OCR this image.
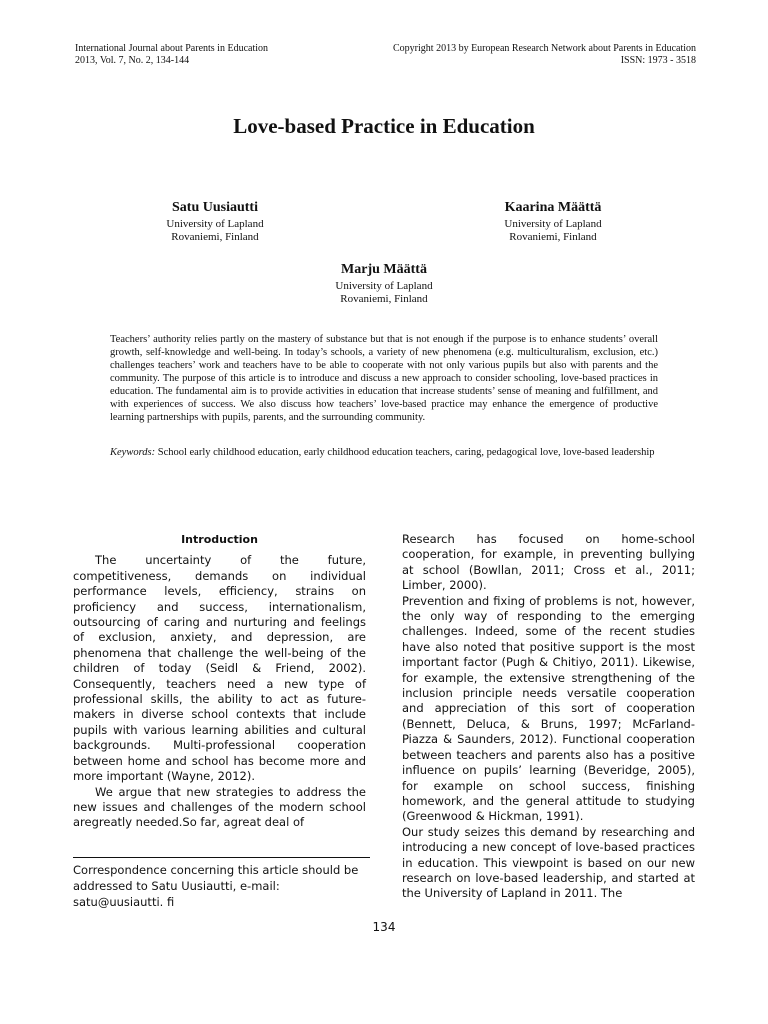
International Journal about Parents in Education
2013, Vol. 7, No. 2, 134-144
Copyright 2013 by European Research Network about Parents in Education
ISSN: 1973 - 3518
Love-based Practice in Education
Satu Uusiautti
University of Lapland
Rovaniemi, Finland
Kaarina Määttä
University of Lapland
Rovaniemi, Finland
Marju Määttä
University of Lapland
Rovaniemi, Finland
Teachers’ authority relies partly on the mastery of substance but that is not enough if the purpose is to enhance students’ overall growth, self-knowledge and well-being. In today’s schools, a variety of new phenomena (e.g. multiculturalism, exclusion, etc.) challenges teachers’ work and teachers have to be able to cooperate with not only various pupils but also with parents and the community. The purpose of this article is to introduce and discuss a new approach to consider schooling, love-based practices in education. The fundamental aim is to provide activities in education that increase students’ sense of meaning and fulfillment, and with experiences of success. We also discuss how teachers’ love-based practice may enhance the emergence of productive learning partnerships with pupils, parents, and the surrounding community.
Keywords: School early childhood education, early childhood education teachers, caring, pedagogical love, love-based leadership

Introduction

The uncertainty of the future, competitiveness, demands on individual performance levels, efficiency, strains on proficiency and success, internationalism, outsourcing of caring and nurturing and feelings of exclusion, anxiety, and depression, are phenomena that challenge the well-being of the children of today (Seidl & Friend, 2002). Consequently, teachers need a new type of professional skills, the ability to act as future-makers in diverse school contexts that include pupils with various learning abilities and cultural backgrounds. Multi-professional cooperation between home and school has become more and more important (Wayne, 2012).

We argue that new strategies to address the new issues and challenges of the modern school aregreatly needed.So far, agreat deal of

Research has focused on home-school cooperation, for example, in preventing bullying at school (Bowllan, 2011; Cross et al., 2011; Limber, 2000).

Prevention and fixing of problems is not, however, the only way of responding to the emerging challenges. Indeed, some of the recent studies have also noted that positive support is the most important factor (Pugh & Chitiyo, 2011). Likewise, for example, the extensive strengthening of the inclusion principle needs versatile cooperation and appreciation of this sort of cooperation (Bennett, Deluca, & Bruns, 1997; McFarland-Piazza & Saunders, 2012). Functional cooperation between teachers and parents also has a positive influence on pupils’ learning (Beveridge, 2005), for example on school success, finishing homework, and the general attitude to studying (Greenwood & Hickman, 1991).

Our study seizes this demand by researching and introducing a new concept of love-based practices in education. This viewpoint is based on our new research on love-based leadership, and started at the University of Lapland in 2011. The

Correspondence concerning this article should be addressed to Satu Uusiautti, e-mail: satu@uusiautti. fi
134
